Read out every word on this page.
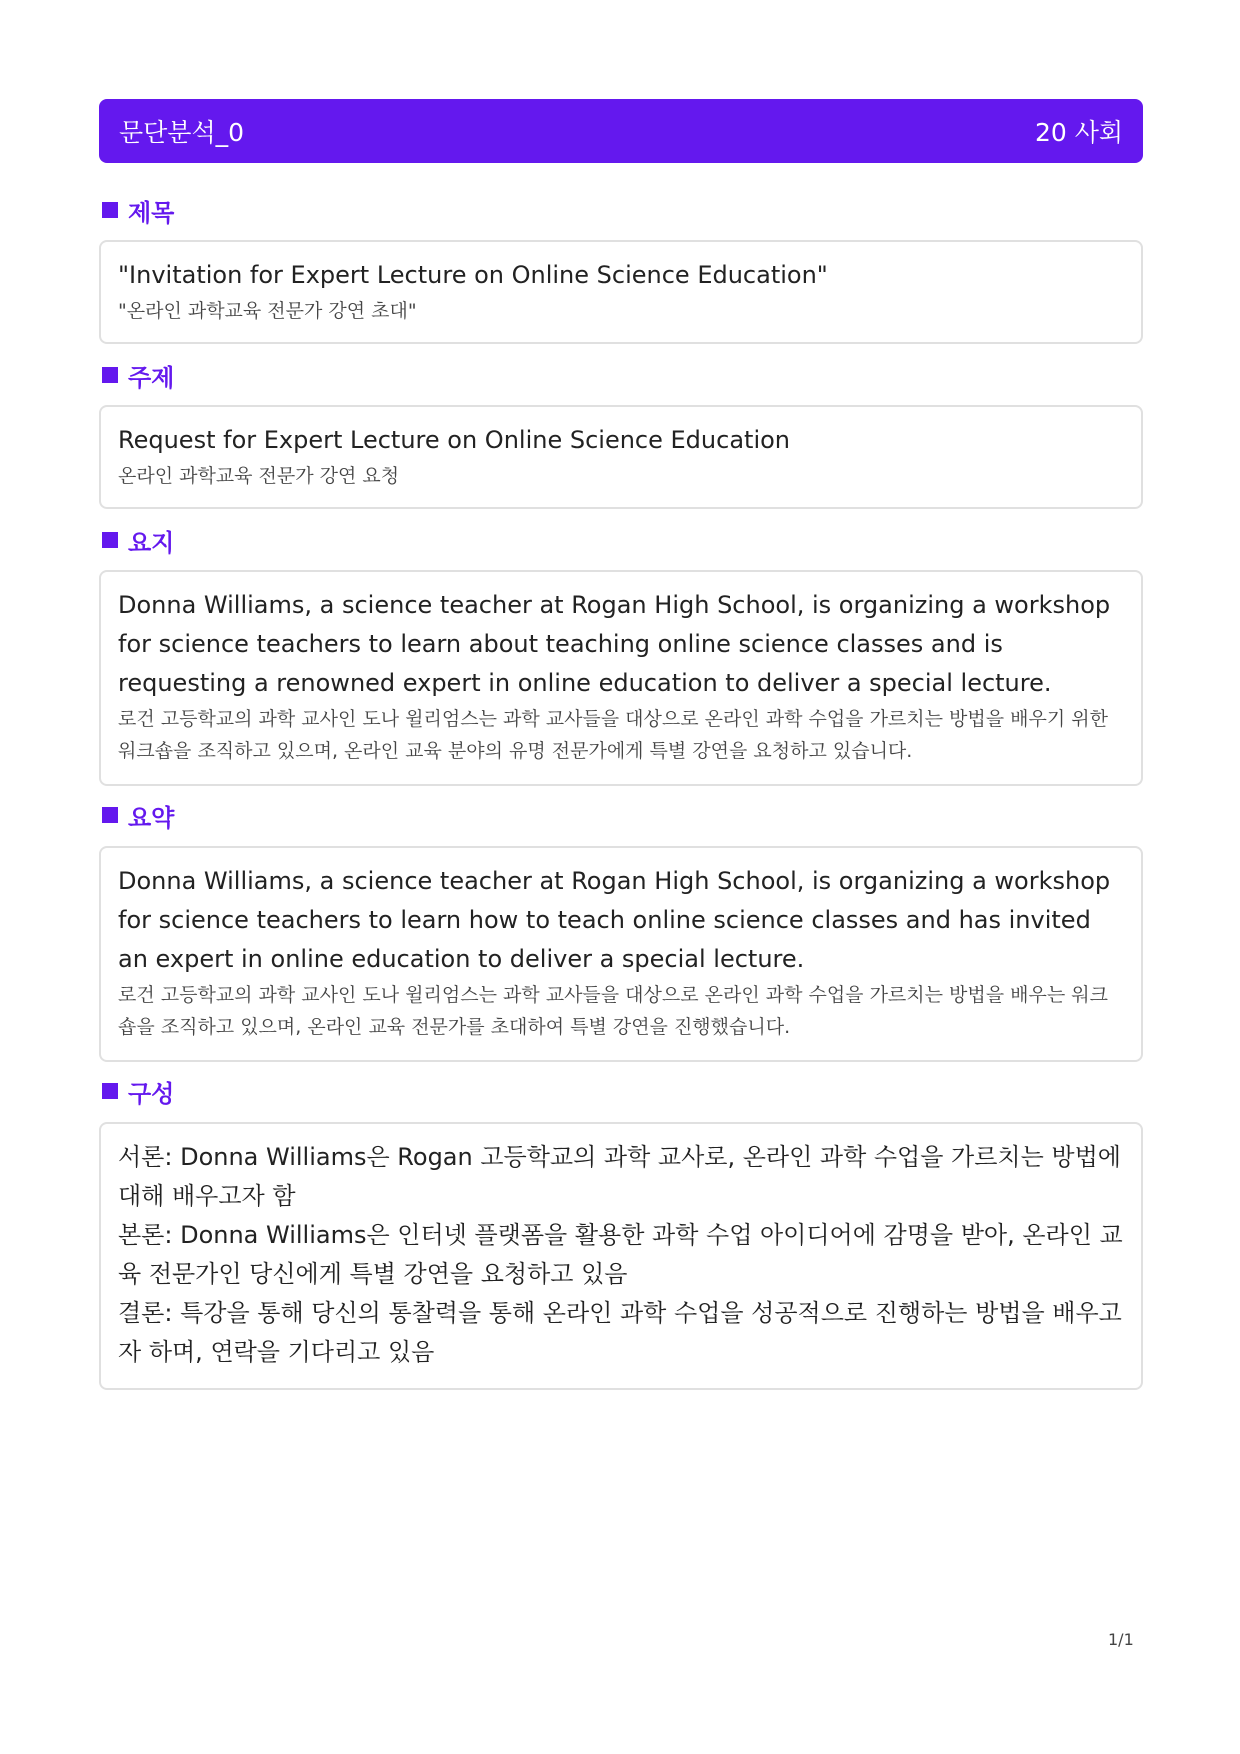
문단분석_0	20 사회
제목

"Invitation for Expert Lecture on Online Science Education"

"온라인 과학교육 전문가 강연 초대"

주제

Request for Expert Lecture on Online Science Education

온라인 과학교육 전문가 강연 요청

요지

Donna Williams, a science teacher at Rogan High School, is organizing a workshop for science teachers to learn about teaching online science classes and is requesting a renowned expert in online education to deliver a special lecture.

로건 고등학교의 과학 교사인 도나 윌리엄스는 과학 교사들을 대상으로 온라인 과학 수업을 가르치는 방법을 배우기 위한 워크숍을 조직하고 있으며, 온라인 교육 분야의 유명 전문가에게 특별 강연을 요청하고 있습니다.

요약

Donna Williams, a science teacher at Rogan High School, is organizing a workshop for science teachers to learn how to teach online science classes and has invited an expert in online education to deliver a special lecture.

로건 고등학교의 과학 교사인 도나 윌리엄스는 과학 교사들을 대상으로 온라인 과학 수업을 가르치는 방법을 배우는 워크숍을 조직하고 있으며, 온라인 교육 전문가를 초대하여 특별 강연을 진행했습니다.

구성

서론: Donna Williams은 Rogan 고등학교의 과학 교사로, 온라인 과학 수업을 가르치는 방법에 대해 배우고자 함

본론: Donna Williams은 인터넷 플랫폼을 활용한 과학 수업 아이디어에 감명을 받아, 온라인 교육 전문가인 당신에게 특별 강연을 요청하고 있음

결론: 특강을 통해 당신의 통찰력을 통해 온라인 과학 수업을 성공적으로 진행하는 방법을 배우고자 하며, 연락을 기다리고 있음

1/1
